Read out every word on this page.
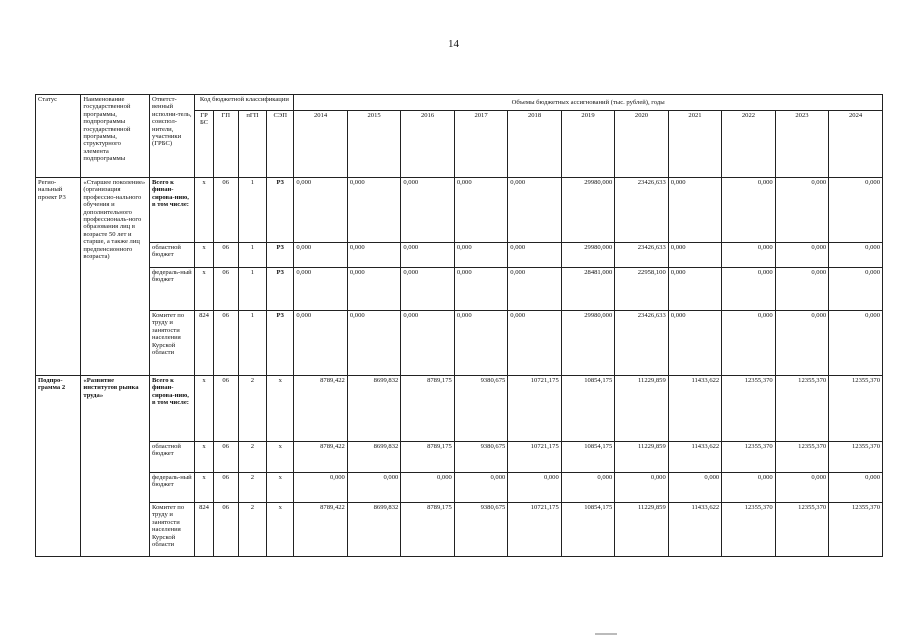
14
Статус	Наименование государственной программы, подпрограммы государственной программы, структурного элемента подпрограммы	Ответст-венный исполни-тель, соиспол-нители, участники (ГРБС)	Код бюджетной классификации				Объемы бюджетных ассигнований (тыс. рублей), годы										
			ГР БС	ГП	пГП	СЭП	2014	2015	2016	2017	2018	2019	2020	2021	2022	2023	2024
Регио-нальный проект Р3	«Старшее поколение» (организация профессио-нального обучения и дополнительного профессиональ-ного образования лиц в возрасте 50 лет и старше, а также лиц предпенсионного возраста)	Всего к финан-сирова-нию, в том числе:	x	06	1	Р3	0,000	0,000	0,000	0,000	0,000	29980,000	23426,633	0,000	0,000	0,000	0,000
		областной бюджет	x	06	1	Р3	0,000	0,000	0,000	0,000	0,000	29980,000	23426,633	0,000	0,000	0,000	0,000
		федераль-ный бюджет	x	06	1	Р3	0,000	0,000	0,000	0,000	0,000	28481,000	22958,100	0,000	0,000	0,000	0,000
		Комитет по труду и занятости населения Курской области	824	06	1	Р3	0,000	0,000	0,000	0,000	0,000	29980,000	23426,633	0,000	0,000	0,000	0,000
Подпро-грамма 2	«Развитие институтов рынка труда»	Всего к финан-сирова-нию, в том числе:	x	06	2	x	8789,422	8699,832	8789,175	9380,675	10721,175	10854,175	11229,859	11433,622	12355,370	12355,370	12355,370
		областной бюджет	x	06	2	x	8789,422	8699,832	8789,175	9380,675	10721,175	10854,175	11229,859	11433,622	12355,370	12355,370	12355,370
		федераль-ный бюджет	x	06	2	x	0,000	0,000	0,000	0,000	0,000	0,000	0,000	0,000	0,000	0,000	0,000
		Комитет по труду и занятости населения Курской области	824	06	2	x	8789,422	8699,832	8789,175	9380,675	10721,175	10854,175	11229,859	11433,622	12355,370	12355,370	12355,370
